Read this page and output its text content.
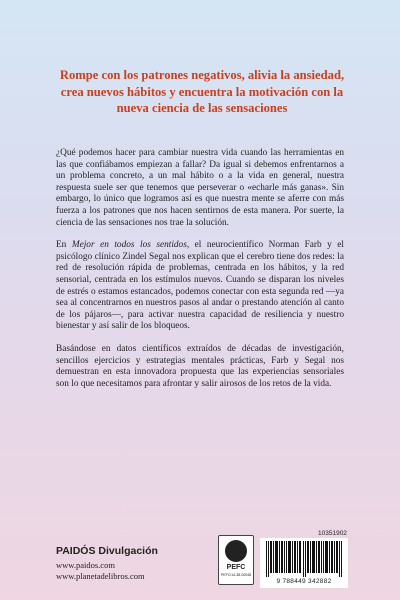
Rompe con los patrones negativos, alivia la ansiedad, crea nuevos hábitos y encuentra la motivación con la nueva ciencia de las sensaciones

¿Qué podemos hacer para cambiar nuestra vida cuando las herramientas en las que confiábamos empiezan a fallar? Da igual si debemos enfrentarnos a un problema concreto, a un mal hábito o a la vida en general, nuestra respuesta suele ser que tenemos que perseverar o «echarle más ganas». Sin embargo, lo único que logramos así es que nuestra mente se aferre con más fuerza a los patrones que nos hacen sentirnos de esta manera. Por suerte, la ciencia de las sensaciones nos trae la solución.

En Mejor en todos los sentidos, el neurocientífico Norman Farb y el psicólogo clínico Zindel Segal nos explican que el cerebro tiene dos redes: la red de resolución rápida de problemas, centrada en los hábitos, y la red sensorial, centrada en los estímulos nuevos. Cuando se disparan los niveles de estrés o estamos estancados, podemos conectar con esta segunda red —ya sea al concentrarnos en nuestros pasos al andar o prestando atención al canto de los pájaros—, para activar nuestra capacidad de resiliencia y nuestro bienestar y así salir de los bloqueos.

Basándose en datos científicos extraídos de décadas de investigación, sencillos ejercicios y estrategias mentales prácticas, Farb y Segal nos demuestran en esta innovadora propuesta que las experiencias sensoriales son lo que necesitamos para afrontar y salir airosos de los retos de la vida.

PAIDÓS Divulgación
www.paidos.com
www.planetadelibros.com
PEFC
PEFC/14-38-00048
10351902
9 788449 342882
